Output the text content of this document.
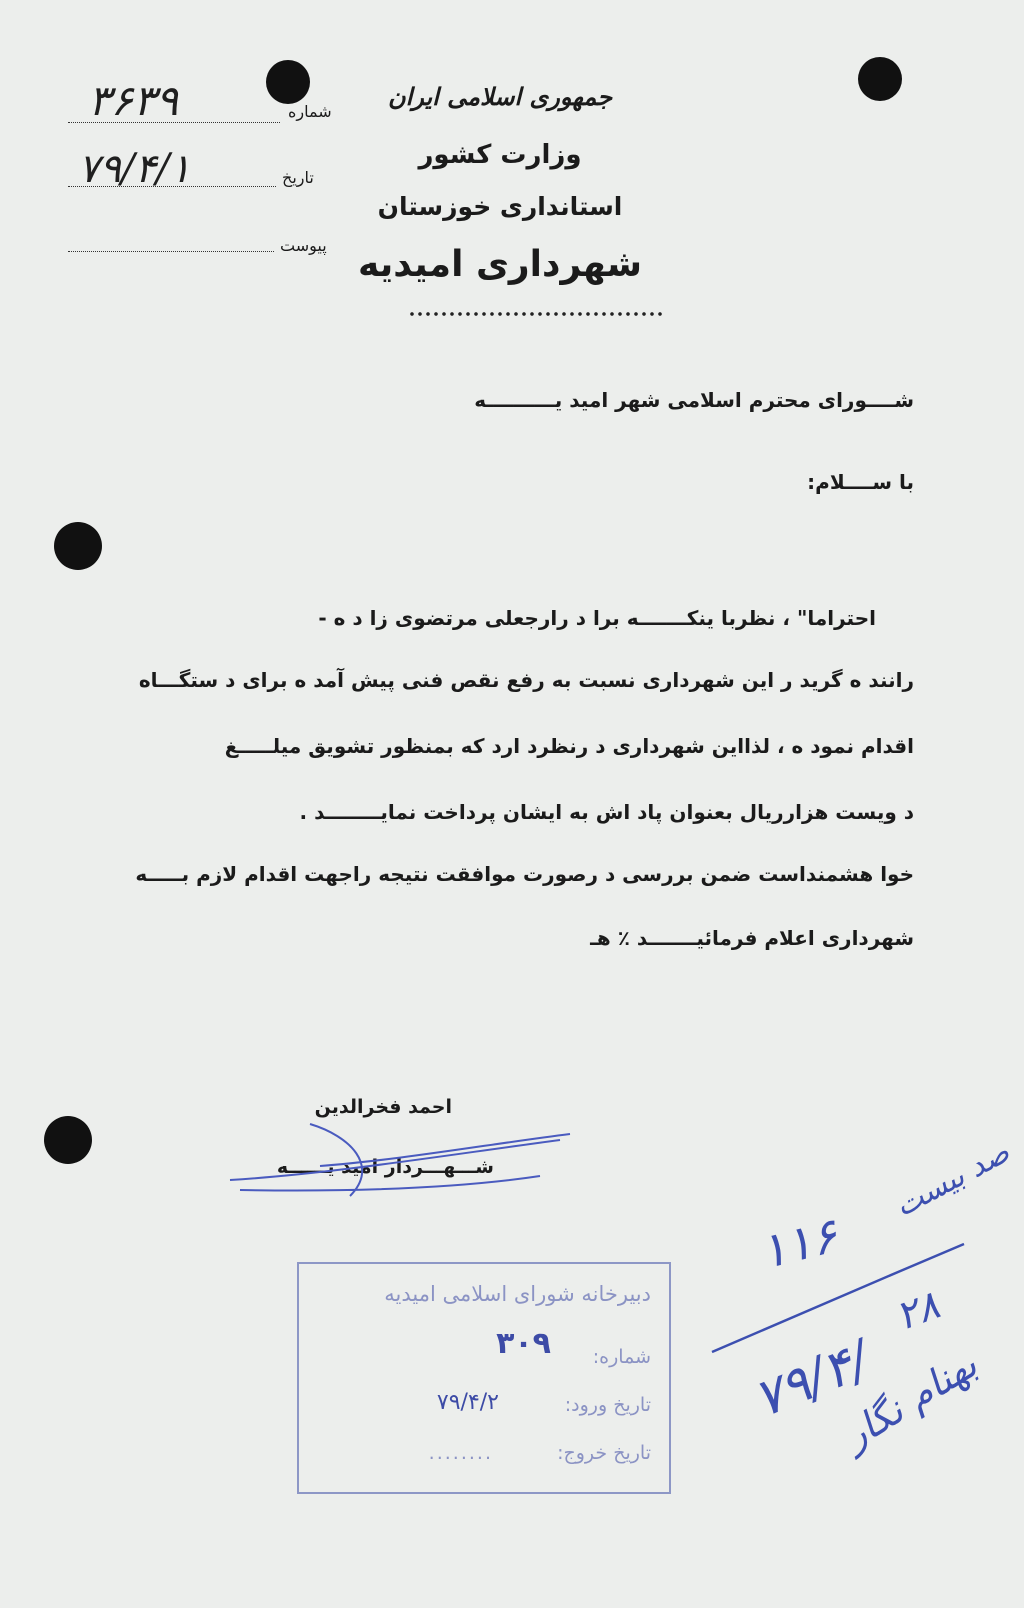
شماره
۳۶۳۹
تاریخ
۷۹/۴/۱
پیوست
جمهوری اسلامی ایران
وزارت کشور
استانداری خوزستان
شهرداری امیدیه
شــــورای محترم اسلامی شهر امید یــــــــــه
با ســــلام:
احتراما" ، نظربا ینکـــــــه برا د رارجعلی مرتضوی زا د ه -
رانند ه گرید ر این شهرداری نسبت به رفع نقص فنی پیش آمد ه برای د ستگـــاه
اقدام نمود ه ، لذااین شهرداری د رنظرد ارد که بمنظور تشویق میلـــــغ
د ویست هزارریال بعنوان پاد اش به ایشان پرداخت نمایــــــــد .
خوا هشمنداست ضمن بررسی د رصورت موافقت نتیجه راجهت اقدام لازم بـــــه
شهرداری اعلام فرمائیـــــــد ٪ هـ
احمد فخرالدین
شـــهـــردار امید یــــــه
دبیرخانه شورای اسلامی امیدیه
شماره:
۳۰۹
تاریخ ورود:
۷۹/۴/۲
تاریخ خروج:
........
صد بیست
۱۱۶
۲۸
۷۹/۴/
بهنام نگار
